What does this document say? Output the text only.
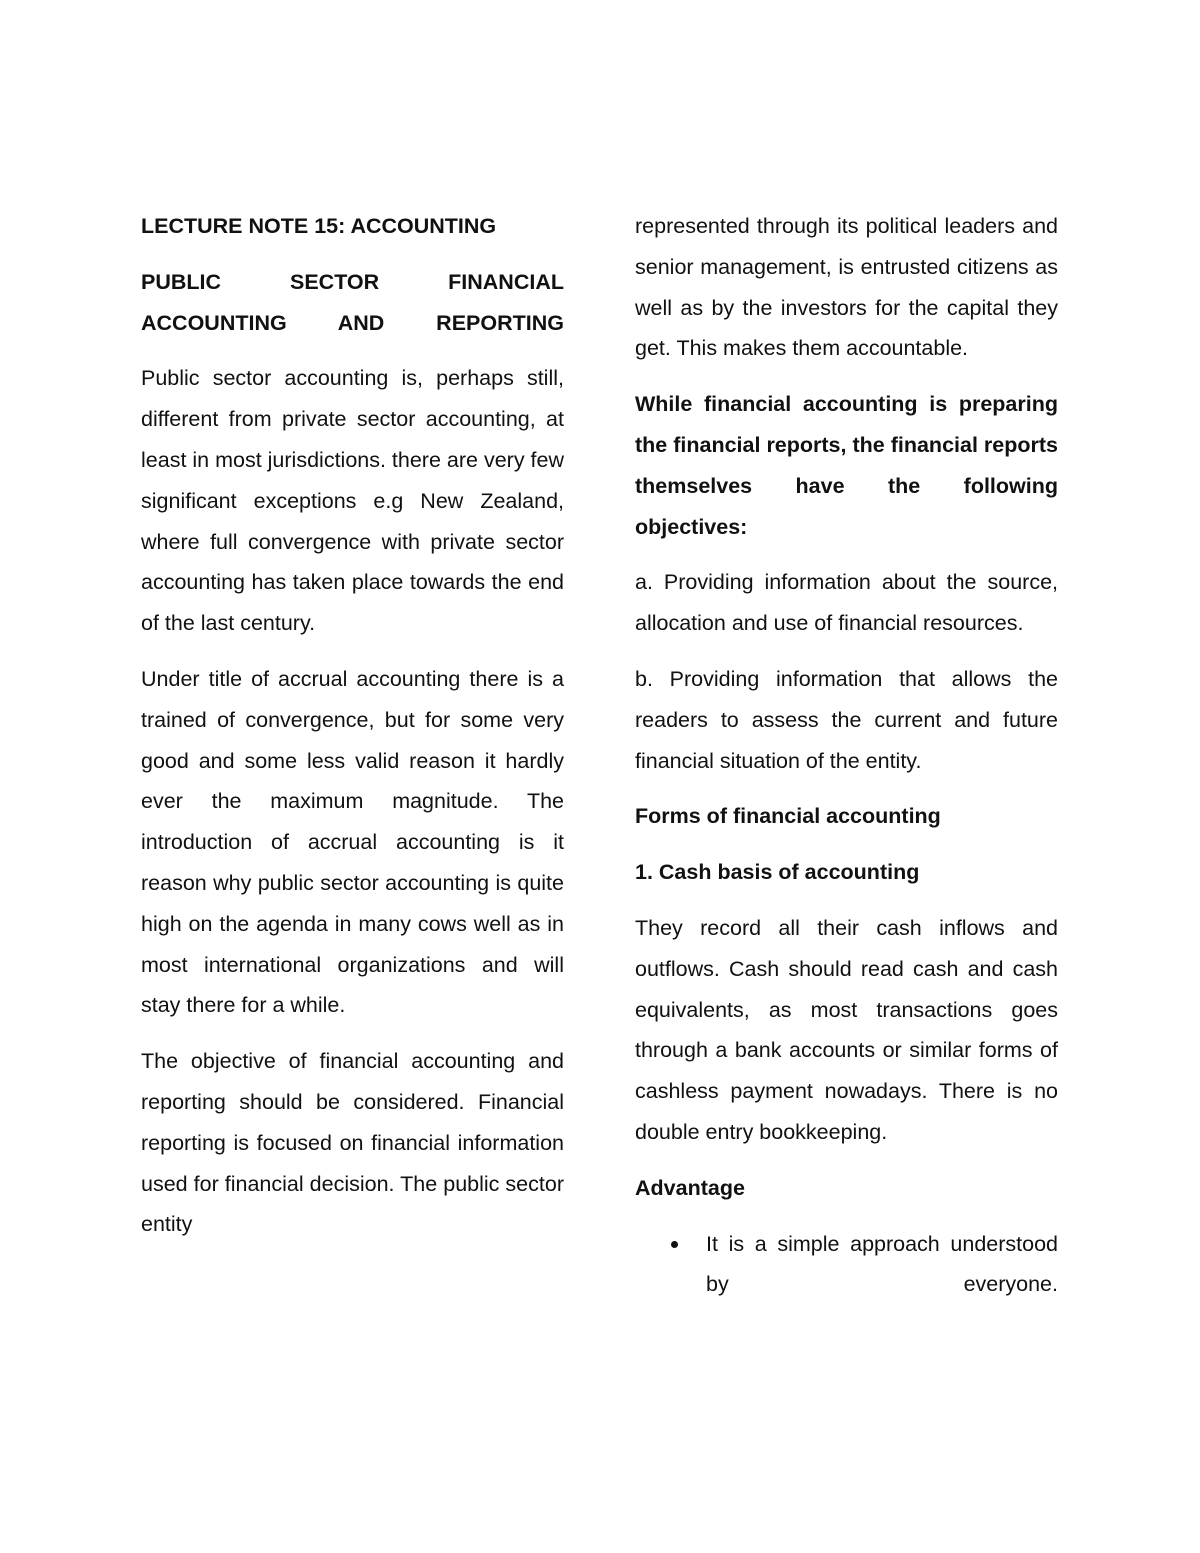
LECTURE NOTE 15: ACCOUNTING

PUBLIC SECTOR FINANCIAL ACCOUNTING AND REPORTING

Public sector accounting is, perhaps still, different from private sector accounting, at least in most jurisdictions. there are very few significant exceptions e.g New Zealand, where full convergence with private sector accounting has taken place towards the end of the last century.

Under title of accrual accounting there is a trained of convergence, but for some very good and some less valid reason it hardly ever the maximum magnitude. The introduction of accrual accounting is it reason why public sector accounting is quite high on the agenda in many cows well as in most international organizations and will stay there for a while.

The objective of financial accounting and reporting should be considered. Financial reporting is focused on financial information used for financial decision. The public sector entity

represented through its political leaders and senior management, is entrusted citizens as well as by the investors for the capital they get. This makes them accountable.

While financial accounting is preparing the financial reports, the financial reports themselves have the following objectives:

a. Providing information about the source, allocation and use of financial resources.

b. Providing information that allows the readers to assess the current and future financial situation of the entity.

Forms of financial accounting

1. Cash basis of accounting

They record all their cash inflows and outflows. Cash should read cash and cash equivalents, as most transactions goes through a bank accounts or similar forms of cashless payment nowadays. There is no double entry bookkeeping.

Advantage

It is a simple approach understood by everyone.
